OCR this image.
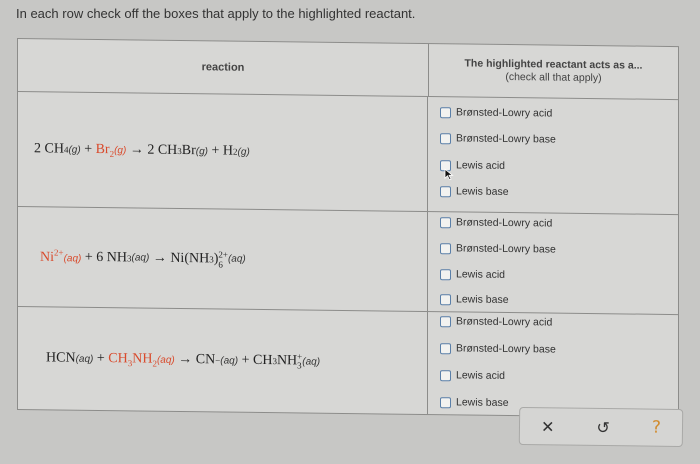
In each row check off the boxes that apply to the highlighted reactant.
reaction	The highlighted reactant acts as a...
(check all that apply)
2 CH 4 $(g) + Br_2(g) \to 2$ CH 3 Br (g) + H 2 (g)
Brønsted-Lowry acid
Brønsted-Lowry base
Lewis acid
Lewis base
$Ni^{2+}(aq) + 6$ NH 3 (aq) → Ni(NH 3 ) 2+
6 (aq)
Brønsted-Lowry acid
Brønsted-Lowry base
Lewis acid
Lewis base
HCN $(aq) + CH_3NH_2(aq)$ → CN − (aq) + CH 3 NH +
3 (aq)
Brønsted-Lowry acid
Brønsted-Lowry base
Lewis acid
Lewis base
✕	↺ ?
